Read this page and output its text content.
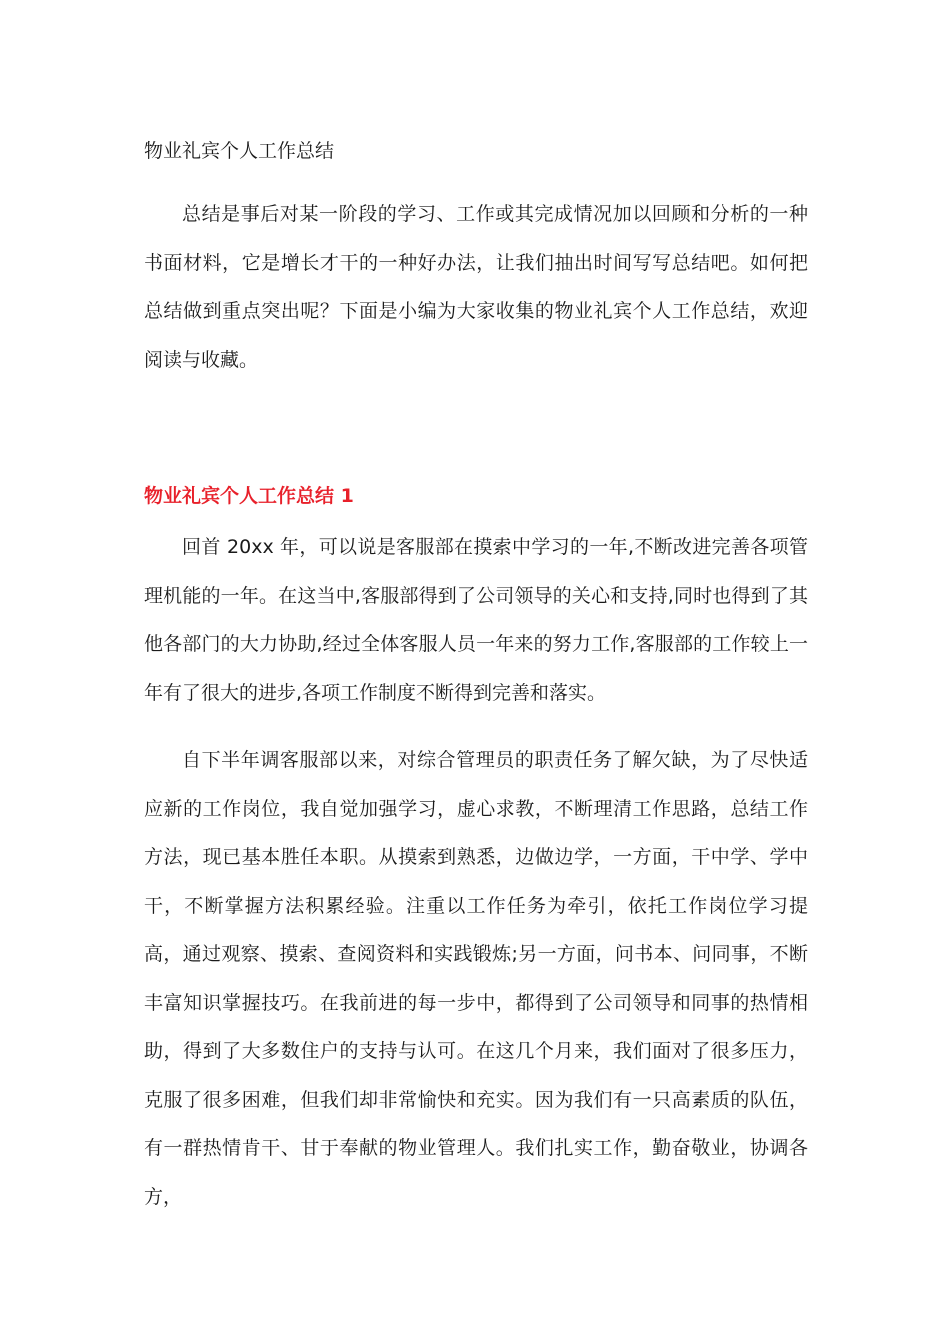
物业礼宾个人工作总结

总结是事后对某一阶段的学习、工作或其完成情况加以回顾和分析的一种书面材料，它是增长才干的一种好办法，让我们抽出时间写写总结吧。如何把总结做到重点突出呢？下面是小编为大家收集的物业礼宾个人工作总结，欢迎阅读与收藏。

物业礼宾个人工作总结 1

回首 20xx 年，可以说是客服部在摸索中学习的一年,不断改进完善各项管理机能的一年。在这当中,客服部得到了公司领导的关心和支持,同时也得到了其他各部门的大力协助,经过全体客服人员一年来的努力工作,客服部的工作较上一年有了很大的进步,各项工作制度不断得到完善和落实。

自下半年调客服部以来，对综合管理员的职责任务了解欠缺，为了尽快适应新的工作岗位，我自觉加强学习，虚心求教，不断理清工作思路，总结工作方法，现已基本胜任本职。从摸索到熟悉，边做边学，一方面，干中学、学中干，不断掌握方法积累经验。注重以工作任务为牵引，依托工作岗位学习提高，通过观察、摸索、查阅资料和实践锻炼;另一方面，问书本、问同事，不断丰富知识掌握技巧。在我前进的每一步中，都得到了公司领导和同事的热情相助，得到了大多数住户的支持与认可。在这几个月来，我们面对了很多压力，克服了很多困难，但我们却非常愉快和充实。因为我们有一只高素质的队伍，有一群热情肯干、甘于奉献的物业管理人。我们扎实工作，勤奋敬业，协调各方，
